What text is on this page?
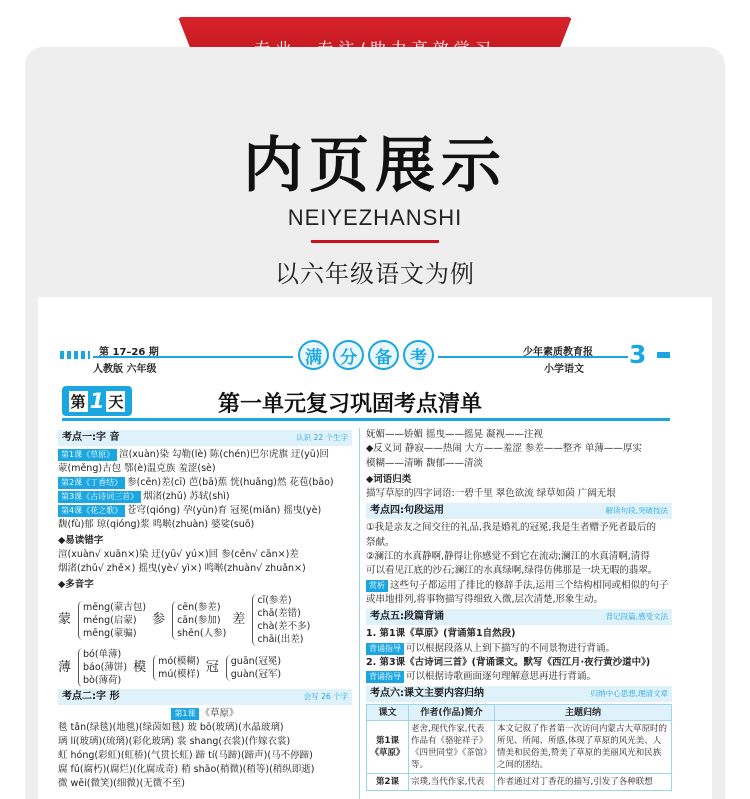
内页展示
NEIYEZHANSHI
以六年级语文为例
第 17–26 期
人教版 六年级
满	分	备	考	少年素质教育报
小学语文
3
第 1 天	第一单元复习巩固考点清单
考点一:字 音	认识 22 个生字
第1课《草原》 渲(xuàn)染 勾勒(lè) 陈(chén)巴尔虎旗 迂(yū)回
蒙(měng)古包 鄂(è)温克族 羞涩(sè)
第2课《丁香结》 参(cēn)差(cī) 芭(bā)蕉 恍(huǎng)然 花苞(bāo)
第3课《古诗词三首》 烟渚(zhǔ) 苏轼(shì)
第4课《花之歌》 苍穹(qióng) 孕(yùn)育 冠冕(miǎn) 摇曳(yè)
馥(fù)郁 琼(qióng)浆 鸣啭(zhuàn) 婆娑(suō)
◆易读错字
渲(xuàn√ xuān×)染 迂(yū√ yú×)回 参(cēn√ cān×)差
烟渚(zhǔ√ zhě×) 摇曳(yè√ yì×) 鸣啭(zhuàn√ zhuǎn×)
◆多音字
蒙
mēng(蒙古包)
méng(启蒙)
mēng(蒙骗)
参
cēn(参差)
cān(参加)
shēn(人参)
差
cī(参差)
chā(差错)
chà(差不多)
chāi(出差)
薄
bó(单薄)
báo(薄饼)
bò(薄荷)
模 mó(模糊)
mú(模样) 冠 guān(冠冕)
guàn(冠军)
考点二:字 形	会写 26 个字
第1课 《草原》
毯 tǎn(绿毯)(地毯)(绿茵如毯) 玻 bō(玻璃)(水晶玻璃)
璃 lí(玻璃)(琉璃)(彩化玻璃) 裳 shang(衣裳)(作嫁衣裳)
虹 hóng(彩虹)(虹桥)(气贯长虹) 蹄 tí(马蹄)(蹄声)(马不停蹄)
腐 fǔ(腐朽)(腐烂)(化腐成奇) 稍 shāo(稍微)(稍等)(稍纵即逝)
微 wēi(微笑)(细微)(无微不至)
妩媚——娇媚 摇曳——摇晃 凝视——注视
◆反义词 静寂——热闹 大方——羞涩 参差——整齐 单薄——厚实
模糊——清晰 馥郁——清淡
◆词语归类
描写草原的四字词语:一碧千里 翠色欲流 绿草如茵 广阔无垠
考点四:句段运用	解读句段,突破技法
①我是亲友之间交往的礼品,我是婚礼的冠冕,我是生者赠予死者最后的
祭献。
②澜江的水真静啊,静得让你感觉不到它在流动;澜江的水真清啊,清得
可以看见江底的沙石;澜江的水真绿啊,绿得仿佛那是一块无暇的翡翠。
赏析 这些句子都运用了排比的修辞手法,运用三个结构相同或相似的句子或串地排列,将事物描写得细致入微,层次清楚,形象生动。
考点五:段篇背诵	背记段篇,感受文法
1. 第1课《草原》(背诵第1自然段)
背诵指导 可以根据段落从上到下描写的不同景物进行背诵。
2. 第3课《古诗词三首》(背诵课文。默写《西江月·夜行黄沙道中》)
背诵指导 可以根据诗歌画面逐句理解意思再进行背诵。
考点六:课文主要内容归纳	归纳中心思想,理清文章
课文	作者(作品)简介	主题归纳
第1课
《草原》	老舍,现代作家,代表作品有《骆驼祥子》《四世同堂》《茶馆》等。	本文记叙了作者第一次访问内蒙古大草原时的所见、所闻、所感,体现了草原的风光美、人情美和民俗美,赞美了草原的美丽风光和民族之间的团结。
第2课	宗璞,当代作家,代表	作者通过对丁香花的描写,引发了各种联想
